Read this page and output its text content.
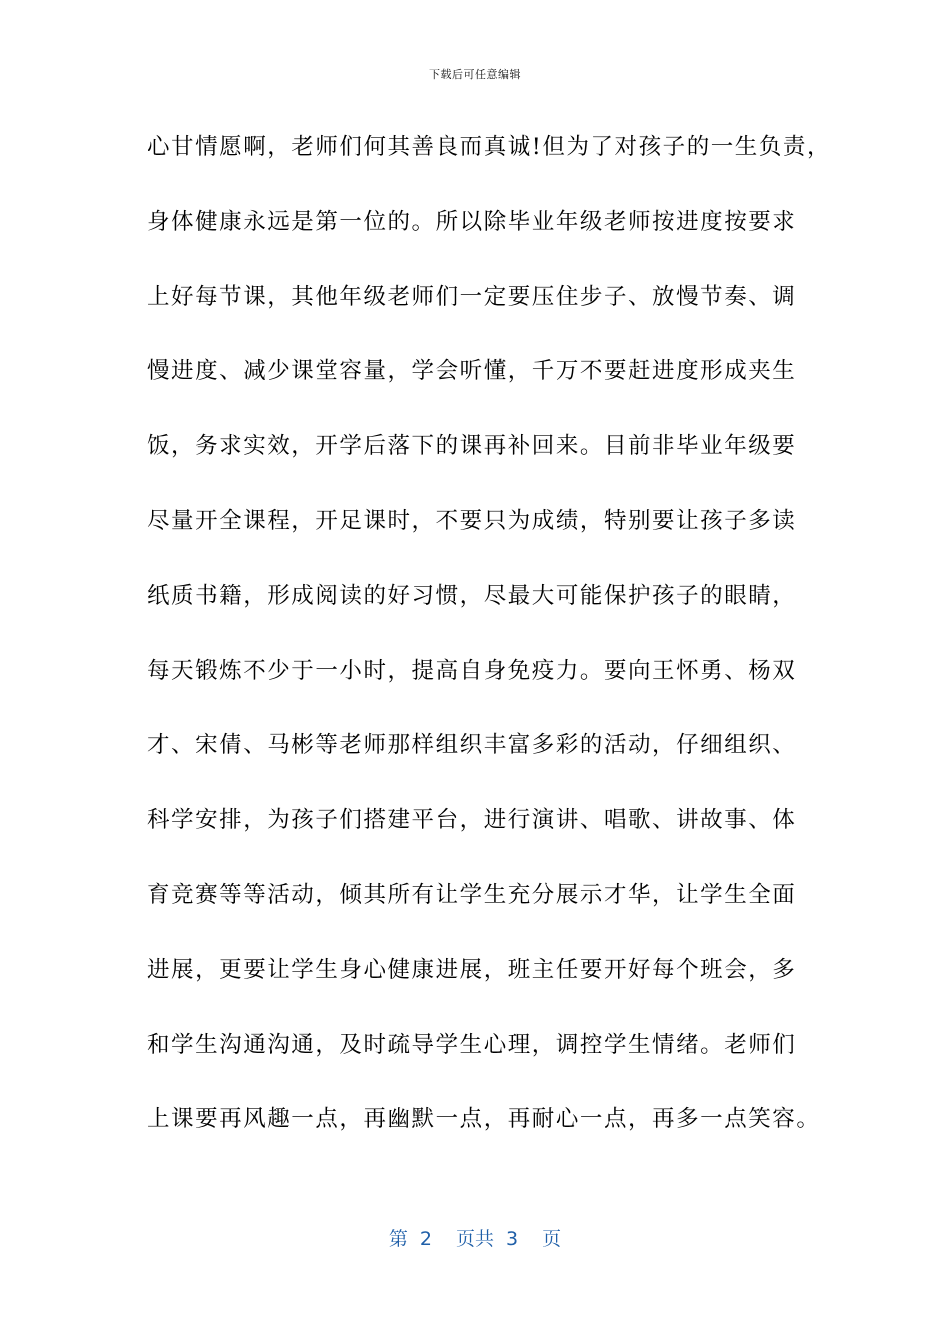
下载后可任意编辑
心甘情愿啊，老师们何其善良而真诚!但为了对孩子的一生负责，
身体健康永远是第一位的。所以除毕业年级老师按进度按要求
上好每节课，其他年级老师们一定要压住步子、放慢节奏、调
慢进度、减少课堂容量，学会听懂，千万不要赶进度形成夹生
饭，务求实效，开学后落下的课再补回来。目前非毕业年级要
尽量开全课程，开足课时，不要只为成绩，特别要让孩子多读
纸质书籍，形成阅读的好习惯，尽最大可能保护孩子的眼睛，
每天锻炼不少于一小时，提高自身免疫力。要向王怀勇、杨双
才、宋倩、马彬等老师那样组织丰富多彩的活动，仔细组织、
科学安排，为孩子们搭建平台，进行演讲、唱歌、讲故事、体
育竞赛等等活动，倾其所有让学生充分展示才华，让学生全面
进展，更要让学生身心健康进展，班主任要开好每个班会，多
和学生沟通沟通，及时疏导学生心理，调控学生情绪。老师们
上课要再风趣一点，再幽默一点，再耐心一点，再多一点笑容。
第 2 页共 3 页
